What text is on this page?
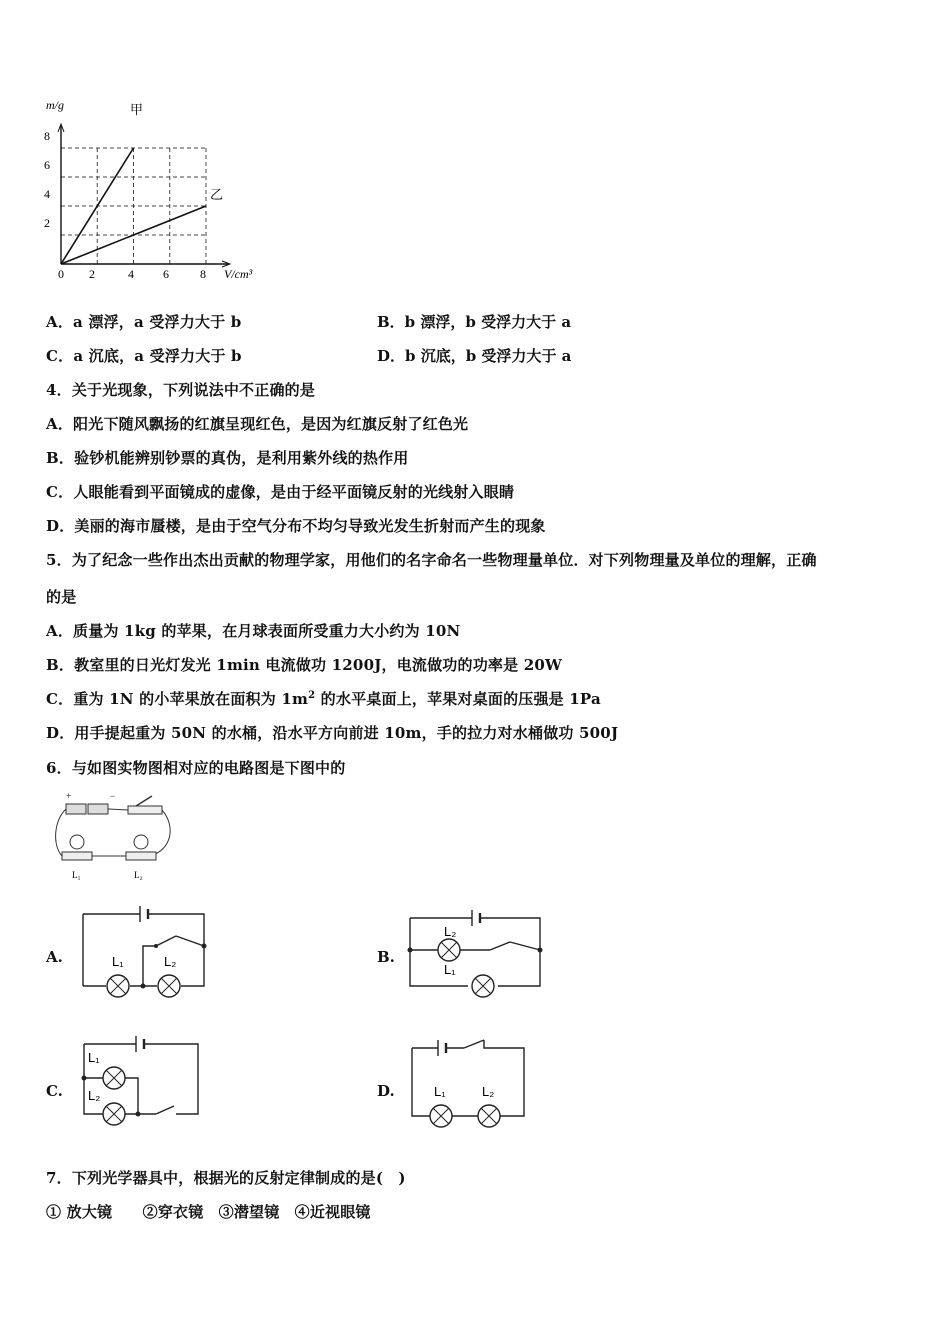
m/g
V/cm³
甲
乙
8
6
4
2
0 2	4 6	8
A．a 漂浮，a 受浮力大于 b	B．b 漂浮，b 受浮力大于 a
C．a 沉底，a 受浮力大于 b	D．b 沉底，b 受浮力大于 a
4．关于光现象，下列说法中不正确的是
A．阳光下随风飘扬的红旗呈现红色，是因为红旗反射了红色光
B．验钞机能辨别钞票的真伪，是利用紫外线的热作用
C．人眼能看到平面镜成的虚像，是由于经平面镜反射的光线射入眼睛
D．美丽的海市蜃楼，是由于空气分布不均匀导致光发生折射而产生的现象
5．为了纪念一些作出杰出贡献的物理学家，用他们的名字命名一些物理量单位．对下列物理量及单位的理解，正确
的是
A．质量为 1kg 的苹果，在月球表面所受重力大小约为 10N
B．教室里的日光灯发光 1min 电流做功 1200J，电流做功的功率是 20W
C．重为 1N 的小苹果放在面积为 $1m^2$ 的水平桌面上，苹果对桌面的压强是 1Pa
D．用手提起重为 50N 的水桶，沿水平方向前进 10m，手的拉力对水桶做功 500J
6．与如图实物图相对应的电路图是下图中的
+	−
L₁	L₂
A.	B.
C.	D.
L₁	L₂
L₂
L₁
L₁
L₂	L₁	L₂
7．下列光学器具中，根据光的反射定律制成的是(　)
① 放大镜　　②穿衣镜　③潜望镜　④近视眼镜
